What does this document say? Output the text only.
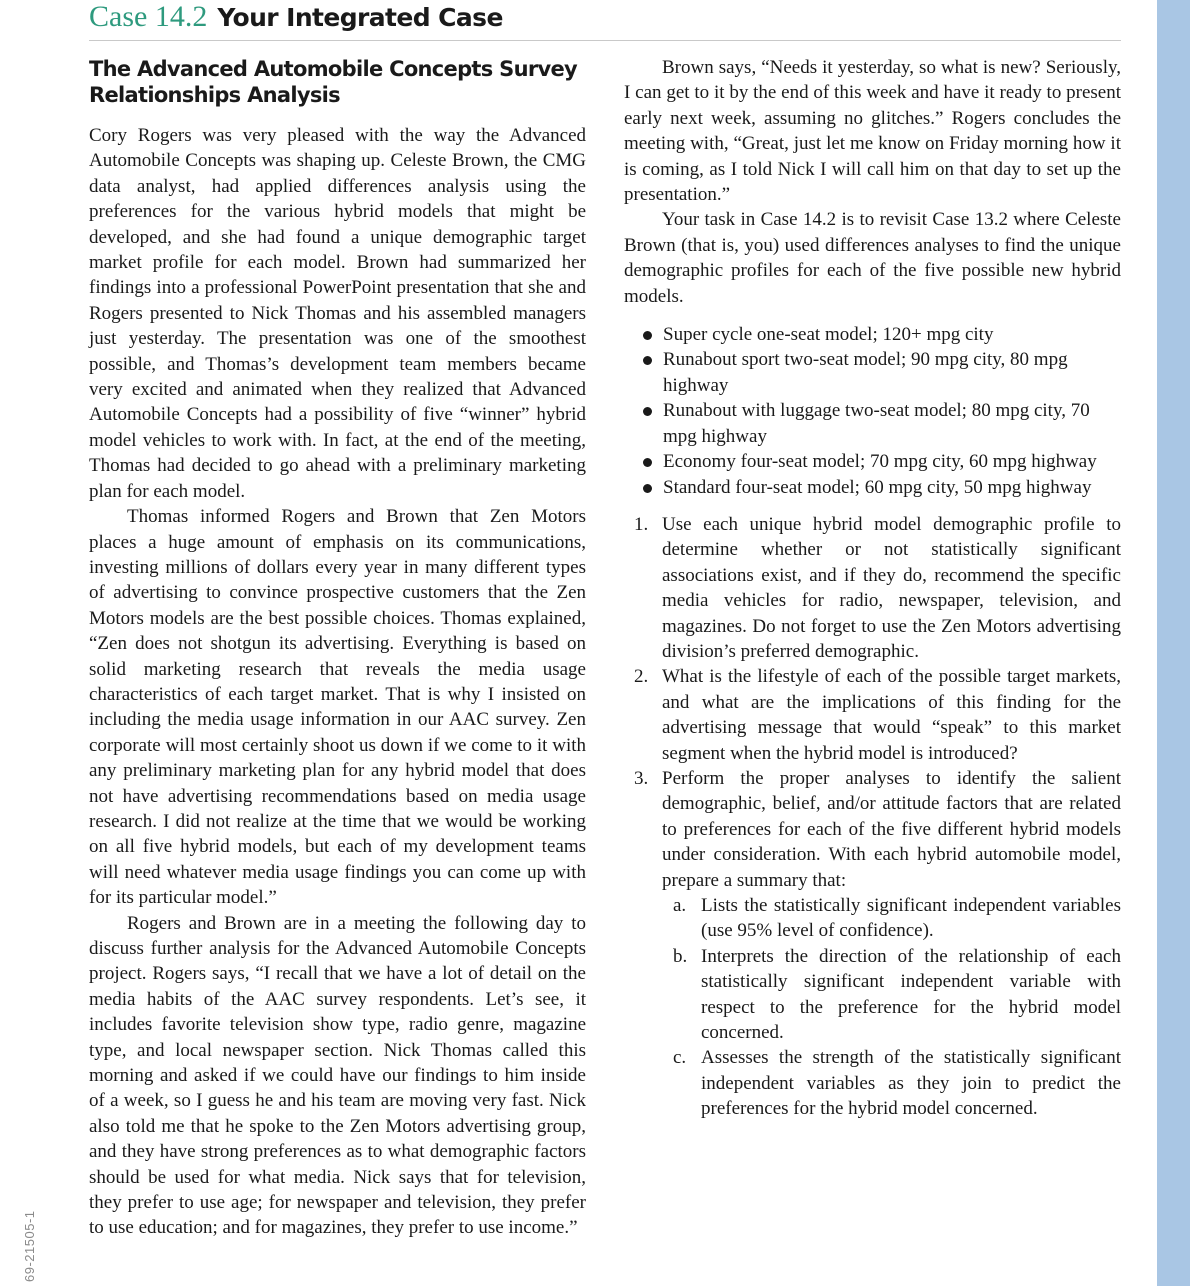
69-21505-1
Case 14.2 Your Integrated Case
The Advanced Automobile Concepts Survey Relationships Analysis

Cory Rogers was very pleased with the way the Advanced Automobile Concepts was shaping up. Celeste Brown, the CMG data analyst, had applied differences analysis using the preferences for the various hybrid models that might be developed, and she had found a unique demographic target market profile for each model. Brown had summarized her findings into a professional PowerPoint presentation that she and Rogers presented to Nick Thomas and his assembled managers just yesterday. The presentation was one of the smoothest possible, and Thomas’s development team members became very excited and animated when they realized that Advanced Automobile Concepts had a possibility of five “winner” hybrid model vehicles to work with. In fact, at the end of the meeting, Thomas had decided to go ahead with a preliminary marketing plan for each model.

Thomas informed Rogers and Brown that Zen Motors places a huge amount of emphasis on its communications, investing millions of dollars every year in many different types of advertising to convince prospective customers that the Zen Motors models are the best possible choices. Thomas explained, “Zen does not shotgun its advertising. Everything is based on solid marketing research that reveals the media usage characteristics of each target market. That is why I insisted on including the media usage information in our AAC survey. Zen corporate will most certainly shoot us down if we come to it with any preliminary marketing plan for any hybrid model that does not have advertising recommendations based on media usage research. I did not realize at the time that we would be working on all five hybrid models, but each of my development teams will need whatever media usage findings you can come up with for its particular model.”

Rogers and Brown are in a meeting the following day to discuss further analysis for the Advanced Automobile Concepts project. Rogers says, “I recall that we have a lot of detail on the media habits of the AAC survey respondents. Let’s see, it includes favorite television show type, radio genre, magazine type, and local newspaper section. Nick Thomas called this morning and asked if we could have our findings to him inside of a week, so I guess he and his team are moving very fast. Nick also told me that he spoke to the Zen Motors advertising group, and they have strong preferences as to what demographic factors should be used for what media. Nick says that for television, they prefer to use age; for newspaper and television, they prefer to use education; and for magazines, they prefer to use income.”

Brown says, “Needs it yesterday, so what is new? Seriously, I can get to it by the end of this week and have it ready to present early next week, assuming no glitches.” Rogers concludes the meeting with, “Great, just let me know on Friday morning how it is coming, as I told Nick I will call him on that day to set up the presentation.”

Your task in Case 14.2 is to revisit Case 13.2 where Celeste Brown (that is, you) used differences analyses to find the unique demographic profiles for each of the five possible new hybrid models.

Super cycle one-seat model; 120+ mpg city
Runabout sport two-seat model; 90 mpg city, 80 mpg highway
Runabout with luggage two-seat model; 80 mpg city, 70 mpg highway
Economy four-seat model; 70 mpg city, 60 mpg highway
Standard four-seat model; 60 mpg city, 50 mpg highway
1. Use each unique hybrid model demographic profile to determine whether or not statistically significant associations exist, and if they do, recommend the specific media vehicles for radio, newspaper, television, and magazines. Do not forget to use the Zen Motors advertising division’s preferred demographic.
2. What is the lifestyle of each of the possible target markets, and what are the implications of this finding for the advertising message that would “speak” to this market segment when the hybrid model is introduced?
3. Perform the proper analyses to identify the salient demographic, belief, and/or attitude factors that are related to preferences for each of the five different hybrid models under consideration. With each hybrid automobile model, prepare a summary that:
a. Lists the statistically significant independent variables (use 95% level of confidence).
b. Interprets the direction of the relationship of each statistically significant independent variable with respect to the preference for the hybrid model concerned.
c. Assesses the strength of the statistically significant independent variables as they join to predict the preferences for the hybrid model concerned.
